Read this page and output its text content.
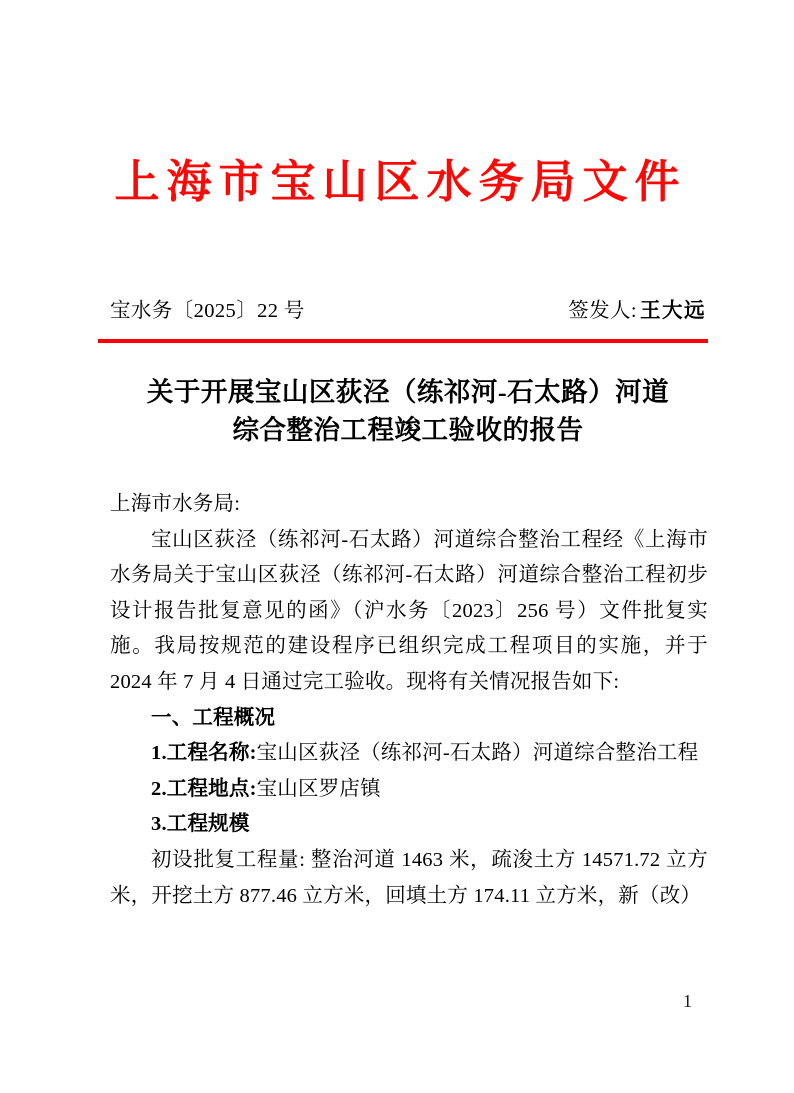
上海市宝山区水务局文件
宝水务〔2025〕22 号	签发人: 王大远
关于开展宝山区荻泾（练祁河-石太路）河道
综合整治工程竣工验收的报告

上海市水务局:

宝山区荻泾（练祁河-石太路）河道综合整治工程经《上海市水务局关于宝山区荻泾（练祁河-石太路）河道综合整治工程初步设计报告批复意见的函》（沪水务〔2023〕256 号）文件批复实施。我局按规范的建设程序已组织完成工程项目的实施，并于 2024 年 7 月 4 日通过完工验收。现将有关情况报告如下:

一、工程概况

1.工程名称:宝山区荻泾（练祁河-石太路）河道综合整治工程

2.工程地点:宝山区罗店镇

3.工程规模

初设批复工程量: 整治河道 1463 米，疏浚土方 14571.72 立方米，开挖土方 877.46 立方米，回填土方 174.11 立方米，新（改）

1
